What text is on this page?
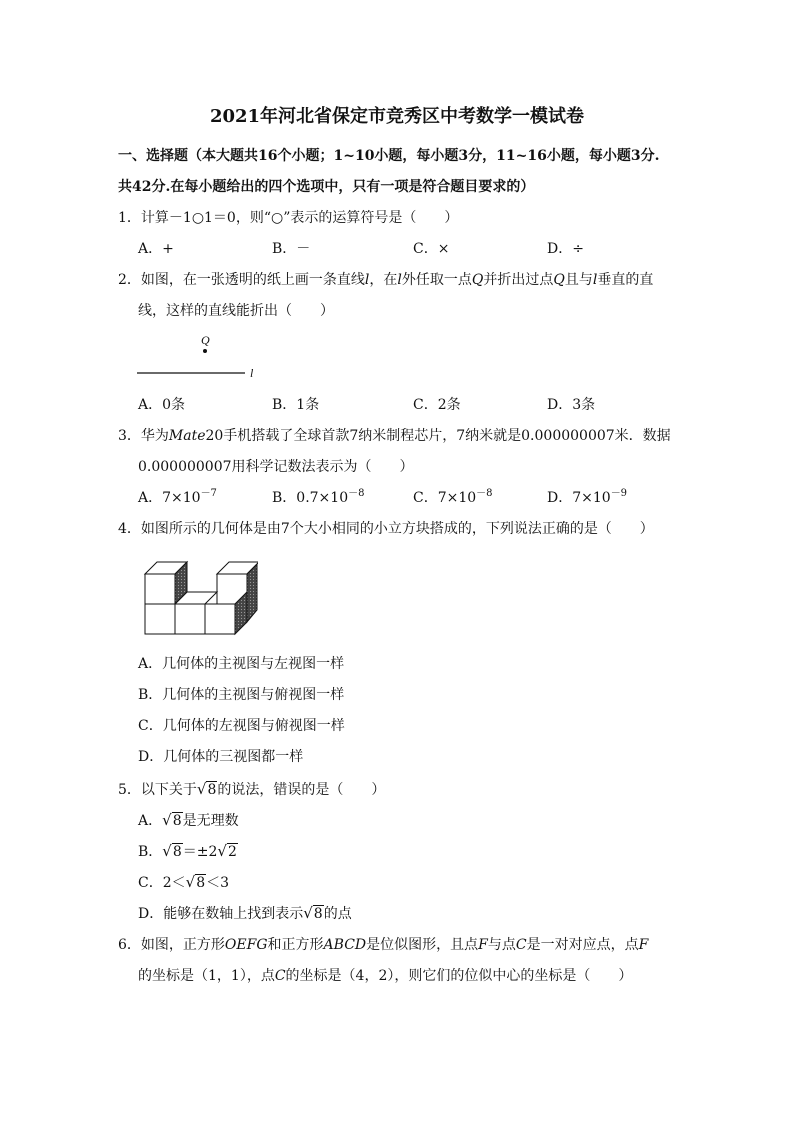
2021年河北省保定市竞秀区中考数学一模试卷
一、选择题（本大题共16个小题；1~10小题，每小题3分，11~16小题，每小题3分.
共42分.在每小题给出的四个选项中，只有一项是符合题目要求的）
1．计算－1○1＝0，则“○”表示的运算符号是（　　）
A．+	B．－	C．×	D．÷
2．如图，在一张透明的纸上画一条直线l，在l外任取一点Q并折出过点Q且与l垂直的直
线，这样的直线能折出（　　）
Q
l
A．0条	B．1条	C．2条	D．3条
3．华为Mate20手机搭载了全球首款7纳米制程芯片，7纳米就是0.000000007米．数据
0.000000007用科学记数法表示为（　　）
A．$7\times 10^{-7}$	B．$0.7\times 10^{-8}$	C．$7\times 10^{-8}$	D．$7\times 10^{-9}$
4．如图所示的几何体是由7个大小相同的小立方块搭成的，下列说法正确的是（　　）
A．几何体的主视图与左视图一样
B．几何体的主视图与俯视图一样
C．几何体的左视图与俯视图一样
D．几何体的三视图都一样
5．以下关于√8的说法，错误的是（　　）
A．√8是无理数
B．√8＝±2√2
C．2＜√8＜3
D．能够在数轴上找到表示√8的点
6．如图，正方形OEFG和正方形ABCD是位似图形，且点F与点C是一对对应点，点F
的坐标是（1，1），点C的坐标是（4，2），则它们的位似中心的坐标是（　　）
